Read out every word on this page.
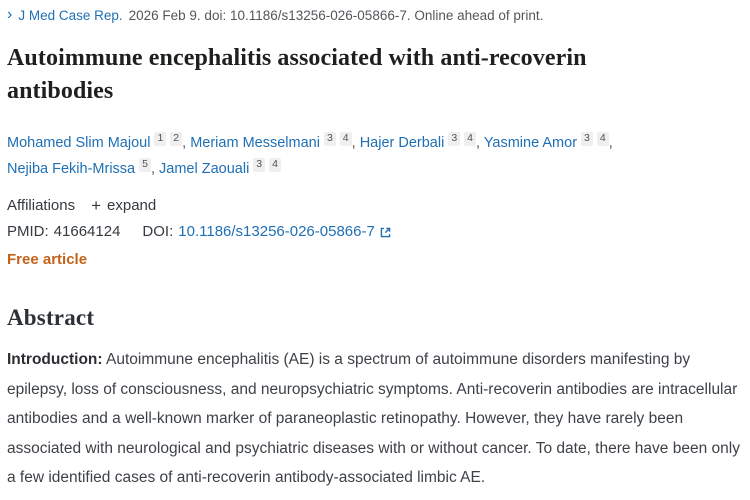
› J Med Case Rep. 2026 Feb 9. doi: 10.1186/s13256-026-05866-7. Online ahead of print.
Autoimmune encephalitis associated with anti-recoverin antibodies
Mohamed Slim Majoul 1 2 , Meriam Messelmani 3 4 , Hajer Derbali 3 4 , Yasmine Amor 3 4 , Nejiba Fekih-Mrissa 5 , Jamel Zaouali 3 4
Affiliations + expand
PMID: 41664124 DOI: 10.1186/s13256-026-05866-7
Free article
Abstract

Introduction: Autoimmune encephalitis (AE) is a spectrum of autoimmune disorders manifesting by epilepsy, loss of consciousness, and neuropsychiatric symptoms. Anti-recoverin antibodies are intracellular antibodies and a well-known marker of paraneoplastic retinopathy. However, they have rarely been associated with neurological and psychiatric diseases with or without cancer. To date, there have been only a few identified cases of anti-recoverin antibody-associated limbic AE.
